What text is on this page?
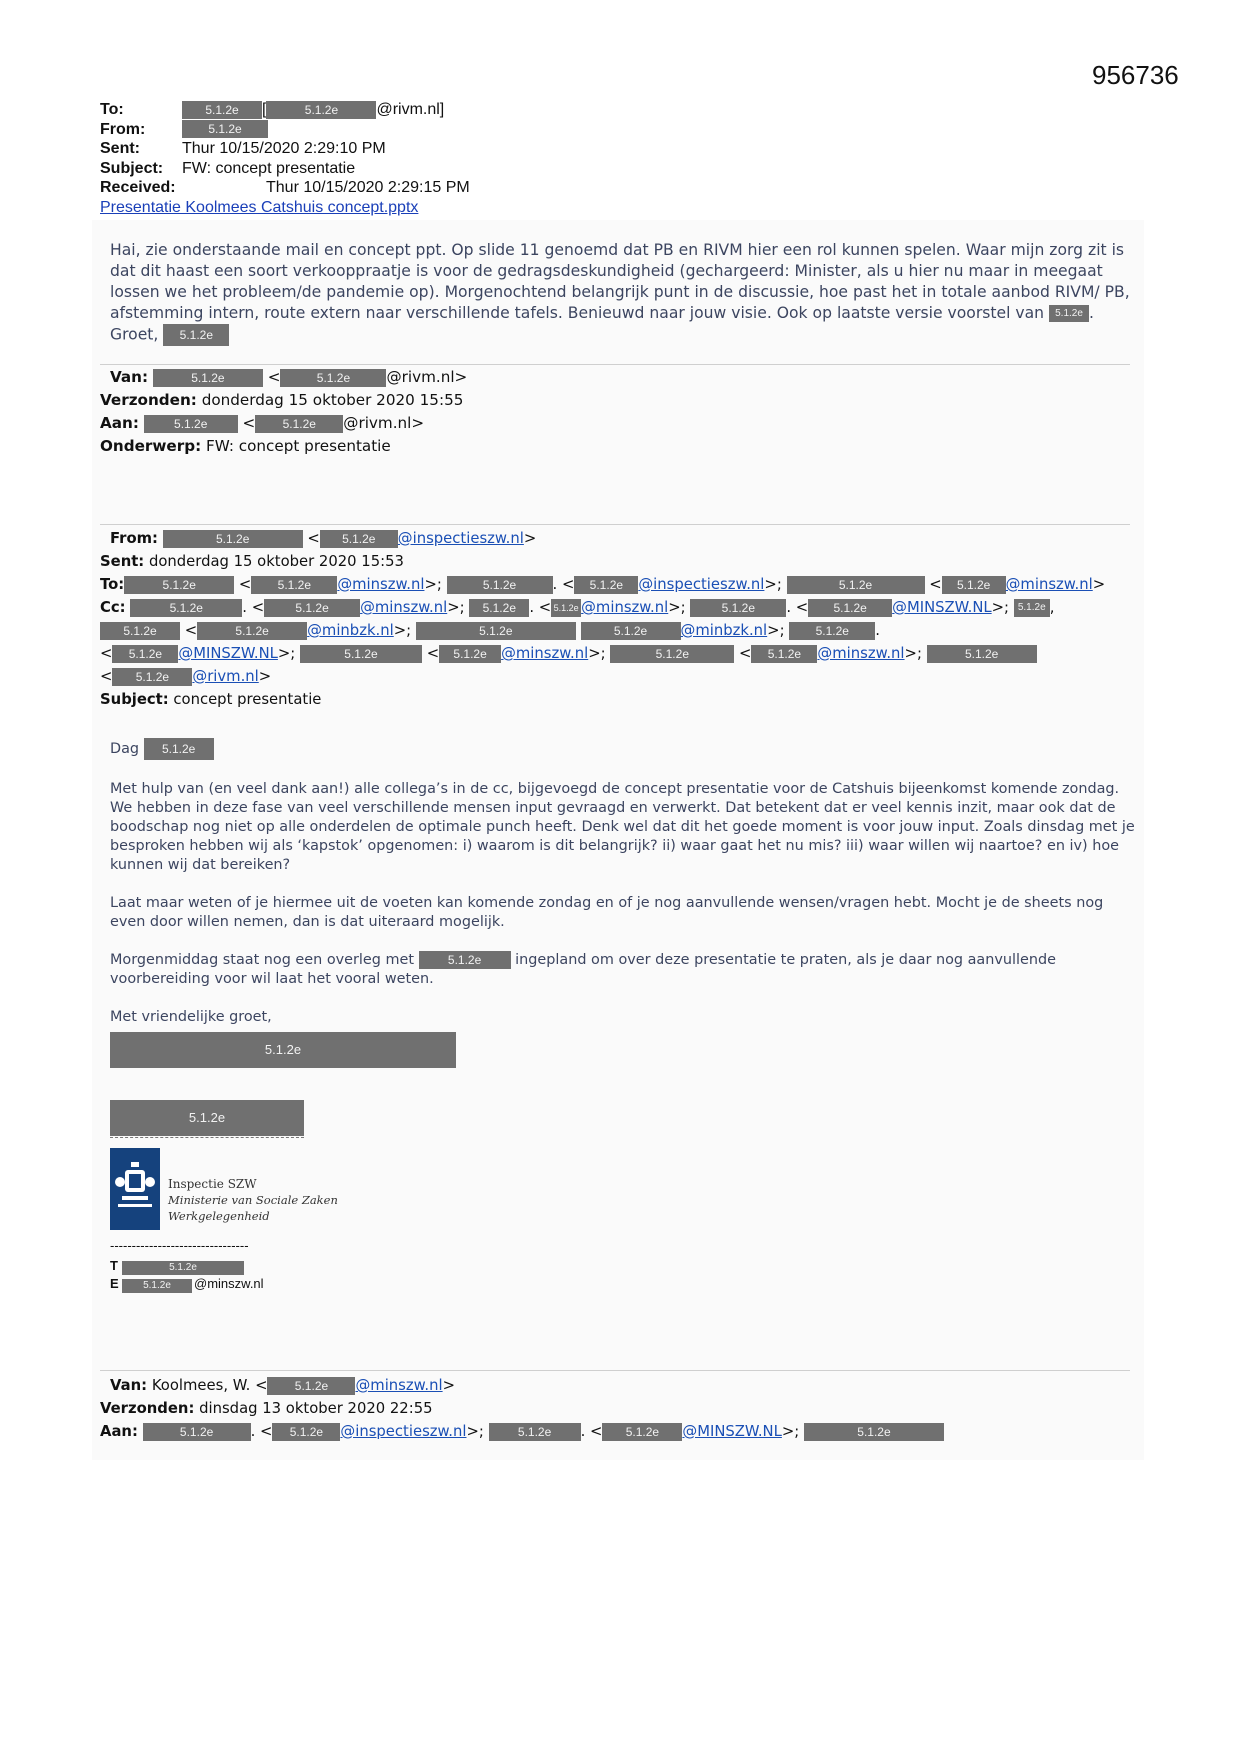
956736
To:	5.1.2e [	5.1.2e @rivm.nl]
From:	5.1.2e
Sent:	Thur 10/15/2020 2:29:10 PM
Subject: FW: concept presentatie
Received:	Thur 10/15/2020 2:29:15 PM
Presentatie Koolmees Catshuis concept.pptx
Hai, zie onderstaande mail en concept ppt. Op slide 11 genoemd dat PB en RIVM hier een rol kunnen spelen. Waar mijn zorg zit is dat dit haast een soort verkooppraatje is voor de gedragsdeskundigheid (gechargeerd: Minister, als u hier nu maar in meegaat lossen we het probleem/de pandemie op). Morgenochtend belangrijk punt in de discussie, hoe past het in totale aanbod RIVM/ PB, afstemming intern, route extern naar verschillende tafels. Benieuwd naar jouw visie. Ook op laatste versie voorstel van 5.1.2e . Groet, 5.1.2e
Van:	5.1.2e	<	5.1.2e @rivm.nl>
Verzonden: donderdag 15 oktober 2020 15:55
Aan:	5.1.2e < 5.1.2e @rivm.nl>
Onderwerp: FW: concept presentatie
From:	5.1.2e	< 5.1.2e @inspectieszw.nl>
Sent: donderdag 15 oktober 2020 15:53
To:	5.1.2e	< 5.1.2e @minszw.nl>;	5.1.2e . < 5.1.2e @inspectieszw.nl>;	5.1.2e	< 5.1.2e @minszw.nl>
Cc:	5.1.2e	. <	5.1.2e @minszw.nl>; 5.1.2e . < 5.1.2e @minszw.nl>;	5.1.2e . < 5.1.2e @MINSZW.NL>; 5.1.2e ,
5.1.2e <	5.1.2e	@minbzk.nl>;	5.1.2e	5.1.2e @minbzk.nl>; 5.1.2e .
< 5.1.2e @MINSZW.NL>;	5.1.2e	< 5.1.2e @minszw.nl>;	5.1.2e	< 5.1.2e @minszw.nl>;	5.1.2e
< 5.1.2e @rivm.nl>
Subject: concept presentatie

Dag 5.1.2e

Met hulp van (en veel dank aan!) alle collega’s in de cc, bijgevoegd de concept presentatie voor de Catshuis bijeenkomst komende zondag. We hebben in deze fase van veel verschillende mensen input gevraagd en verwerkt. Dat betekent dat er veel kennis inzit, maar ook dat de boodschap nog niet op alle onderdelen de optimale punch heeft. Denk wel dat dit het goede moment is voor jouw input. Zoals dinsdag met je besproken hebben wij als ‘kapstok’ opgenomen: i) waarom is dit belangrijk? ii) waar gaat het nu mis? iii) waar willen wij naartoe? en iv) hoe kunnen wij dat bereiken?

Laat maar weten of je hiermee uit de voeten kan komende zondag en of je nog aanvullende wensen/vragen hebt. Mocht je de sheets nog even door willen nemen, dan is dat uiteraard mogelijk.

Morgenmiddag staat nog een overleg met	5.1.2e ingepland om over deze presentatie te praten, als je daar nog aanvullende voorbereiding voor wil laat het vooral weten.

Met vriendelijke groet,

5.1.2e
5.1.2e
Inspectie SZW
Ministerie van Sociale Zaken en
Werkgelegenheid
--------------------------------
T	5.1.2e
E	5.1.2e	@minszw.nl
Van: Koolmees, W. < 5.1.2e @minszw.nl>
Verzonden: dinsdag 13 oktober 2020 22:55
Aan:	5.1.2e	. < 5.1.2e @inspectieszw.nl>; 5.1.2e . < 5.1.2e @MINSZW.NL>;	5.1.2e
